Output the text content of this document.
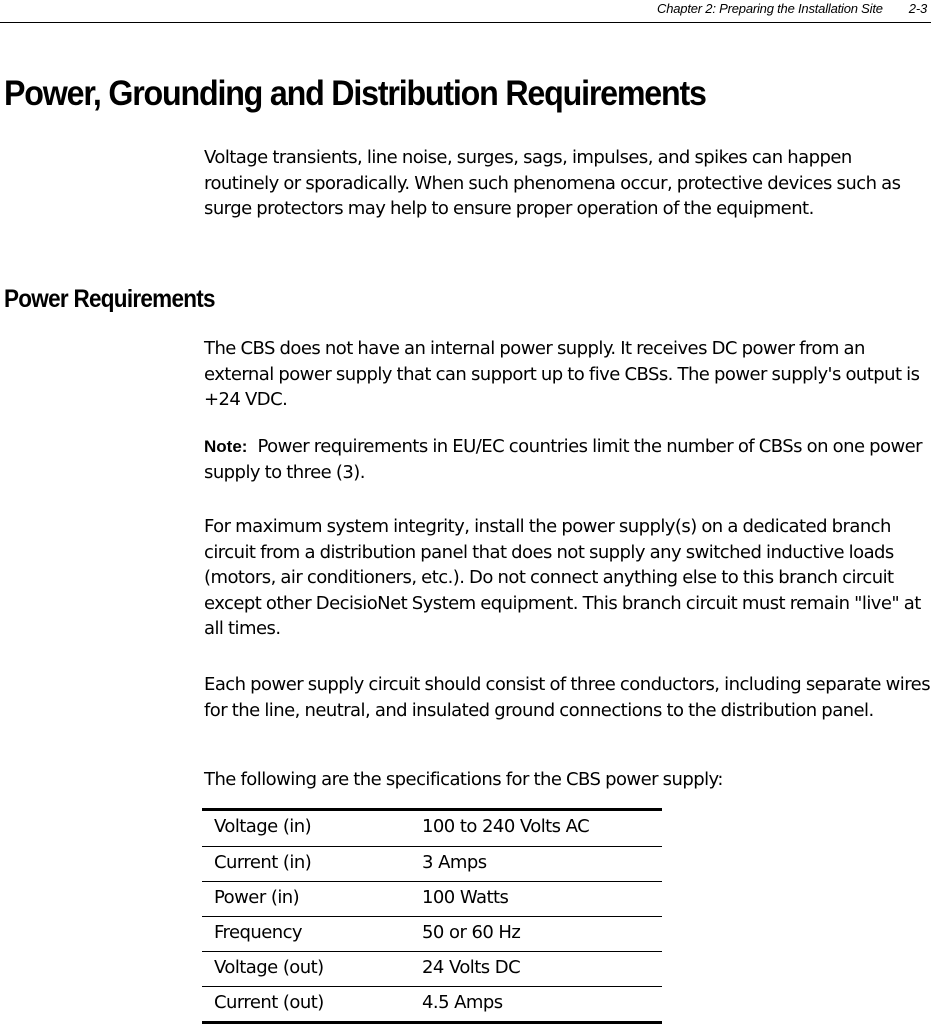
Chapter 2: Preparing the Installation Site 2-3
Power, Grounding and Distribution Requirements

Voltage transients, line noise, surges, sags, impulses, and spikes can happen routinely or sporadically. When such phenomena occur, protective devices such as surge protectors may help to ensure proper operation of the equipment.

Power Requirements

The CBS does not have an internal power supply. It receives DC power from an external power supply that can support up to five CBSs. The power supply's output is +24 VDC.

Note: Power requirements in EU/EC countries limit the number of CBSs on one power supply to three (3).

For maximum system integrity, install the power supply(s) on a dedicated branch circuit from a distribution panel that does not supply any switched inductive loads (motors, air conditioners, etc.). Do not connect anything else to this branch circuit except other DecisioNet System equipment. This branch circuit must remain "live" at all times.

Each power supply circuit should consist of three conductors, including separate wires for the line, neutral, and insulated ground connections to the distribution panel.

The following are the specifications for the CBS power supply:

Voltage (in)	100 to 240 Volts AC
Current (in)	3 Amps
Power (in)	100 Watts
Frequency	50 or 60 Hz
Voltage (out)	24 Volts DC
Current (out)	4.5 Amps
